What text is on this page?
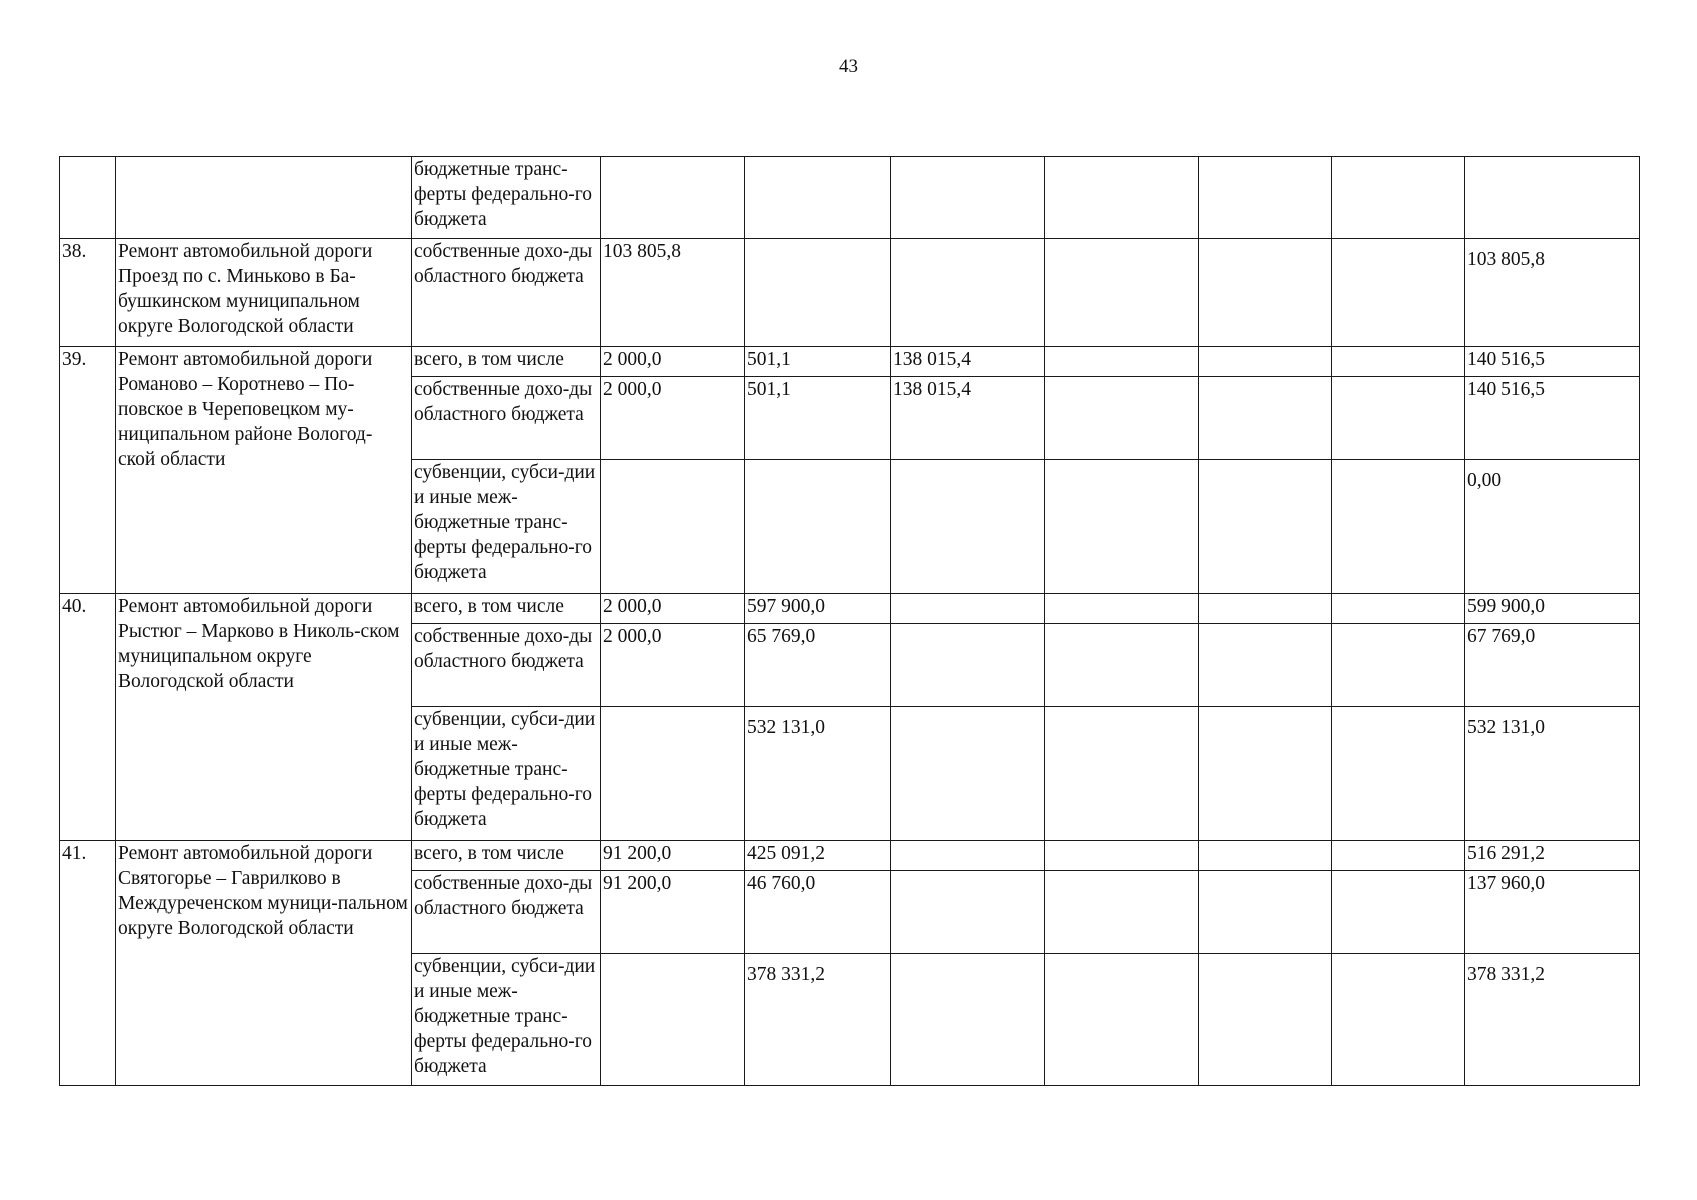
43
		бюджетные транс-ферты федерально-го бюджета							
38.	Ремонт автомобильной дороги Проезд по с. Миньково в Ба-бушкинском муниципальном округе Вологодской области	собственные дохо-ды областного бюджета	103 805,8						103 805,8
39.	Ремонт автомобильной дороги Романово – Коротнево – По-повское в Череповецком му-ниципальном районе Вологод-ской области	всего, в том числе	2 000,0	501,1	138 015,4				140 516,5
		собственные дохо-ды областного бюджета	2 000,0	501,1	138 015,4				140 516,5
		субвенции, субси-дии и иные меж-бюджетные транс-ферты федерально-го бюджета							0,00
40.	Ремонт автомобильной дороги Рыстюг – Марково в Николь-ском муниципальном округе Вологодской области	всего, в том числе	2 000,0	597 900,0					599 900,0
		собственные дохо-ды областного бюджета	2 000,0	65 769,0					67 769,0
		субвенции, субси-дии и иные меж-бюджетные транс-ферты федерально-го бюджета		532 131,0					532 131,0
41.	Ремонт автомобильной дороги Святогорье – Гаврилково в Междуреченском муници-пальном округе Вологодской области	всего, в том числе	91 200,0	425 091,2					516 291,2
		собственные дохо-ды областного бюджета	91 200,0	46 760,0					137 960,0
		субвенции, субси-дии и иные меж-бюджетные транс-ферты федерально-го бюджета		378 331,2					378 331,2
